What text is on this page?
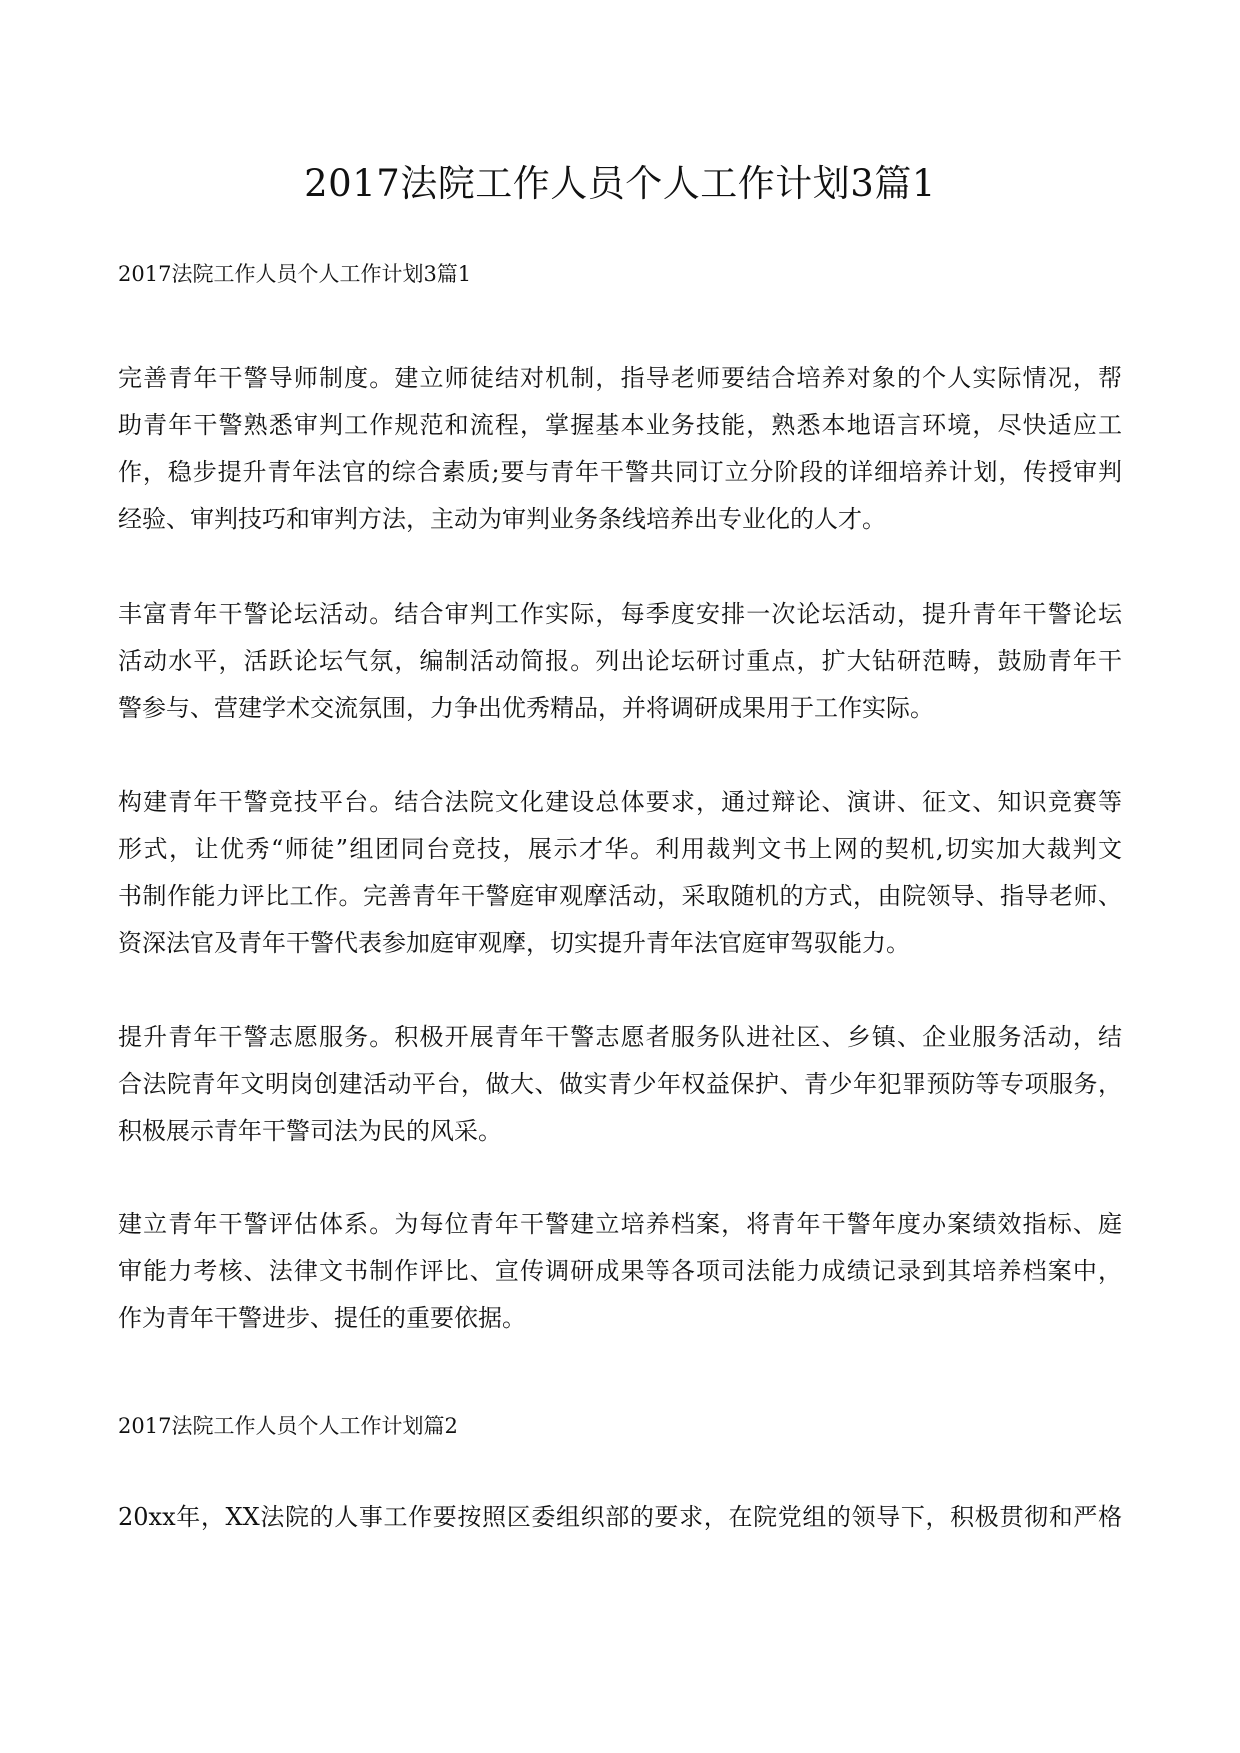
2017法院工作人员个人工作计划3篇1
2017法院工作人员个人工作计划3篇1
完善青年干警导师制度。建立师徒结对机制，指导老师要结合培养对象的个人实际情况，帮
助青年干警熟悉审判工作规范和流程，掌握基本业务技能，熟悉本地语言环境，尽快适应工
作，稳步提升青年法官的综合素质;要与青年干警共同订立分阶段的详细培养计划，传授审判
经验、审判技巧和审判方法，主动为审判业务条线培养出专业化的人才。
丰富青年干警论坛活动。结合审判工作实际，每季度安排一次论坛活动，提升青年干警论坛
活动水平，活跃论坛气氛，编制活动简报。列出论坛研讨重点，扩大钻研范畴，鼓励青年干
警参与、营建学术交流氛围，力争出优秀精品，并将调研成果用于工作实际。
构建青年干警竞技平台。结合法院文化建设总体要求，通过辩论、演讲、征文、知识竞赛等
形式，让优秀“师徒”组团同台竞技，展示才华。利用裁判文书上网的契机,切实加大裁判文
书制作能力评比工作。完善青年干警庭审观摩活动，采取随机的方式，由院领导、指导老师、
资深法官及青年干警代表参加庭审观摩，切实提升青年法官庭审驾驭能力。
提升青年干警志愿服务。积极开展青年干警志愿者服务队进社区、乡镇、企业服务活动，结
合法院青年文明岗创建活动平台，做大、做实青少年权益保护、青少年犯罪预防等专项服务，
积极展示青年干警司法为民的风采。
建立青年干警评估体系。为每位青年干警建立培养档案，将青年干警年度办案绩效指标、庭
审能力考核、法律文书制作评比、宣传调研成果等各项司法能力成绩记录到其培养档案中，
作为青年干警进步、提任的重要依据。
2017法院工作人员个人工作计划篇2
20xx年，XX法院的人事工作要按照区委组织部的要求，在院党组的领导下，积极贯彻和严格
